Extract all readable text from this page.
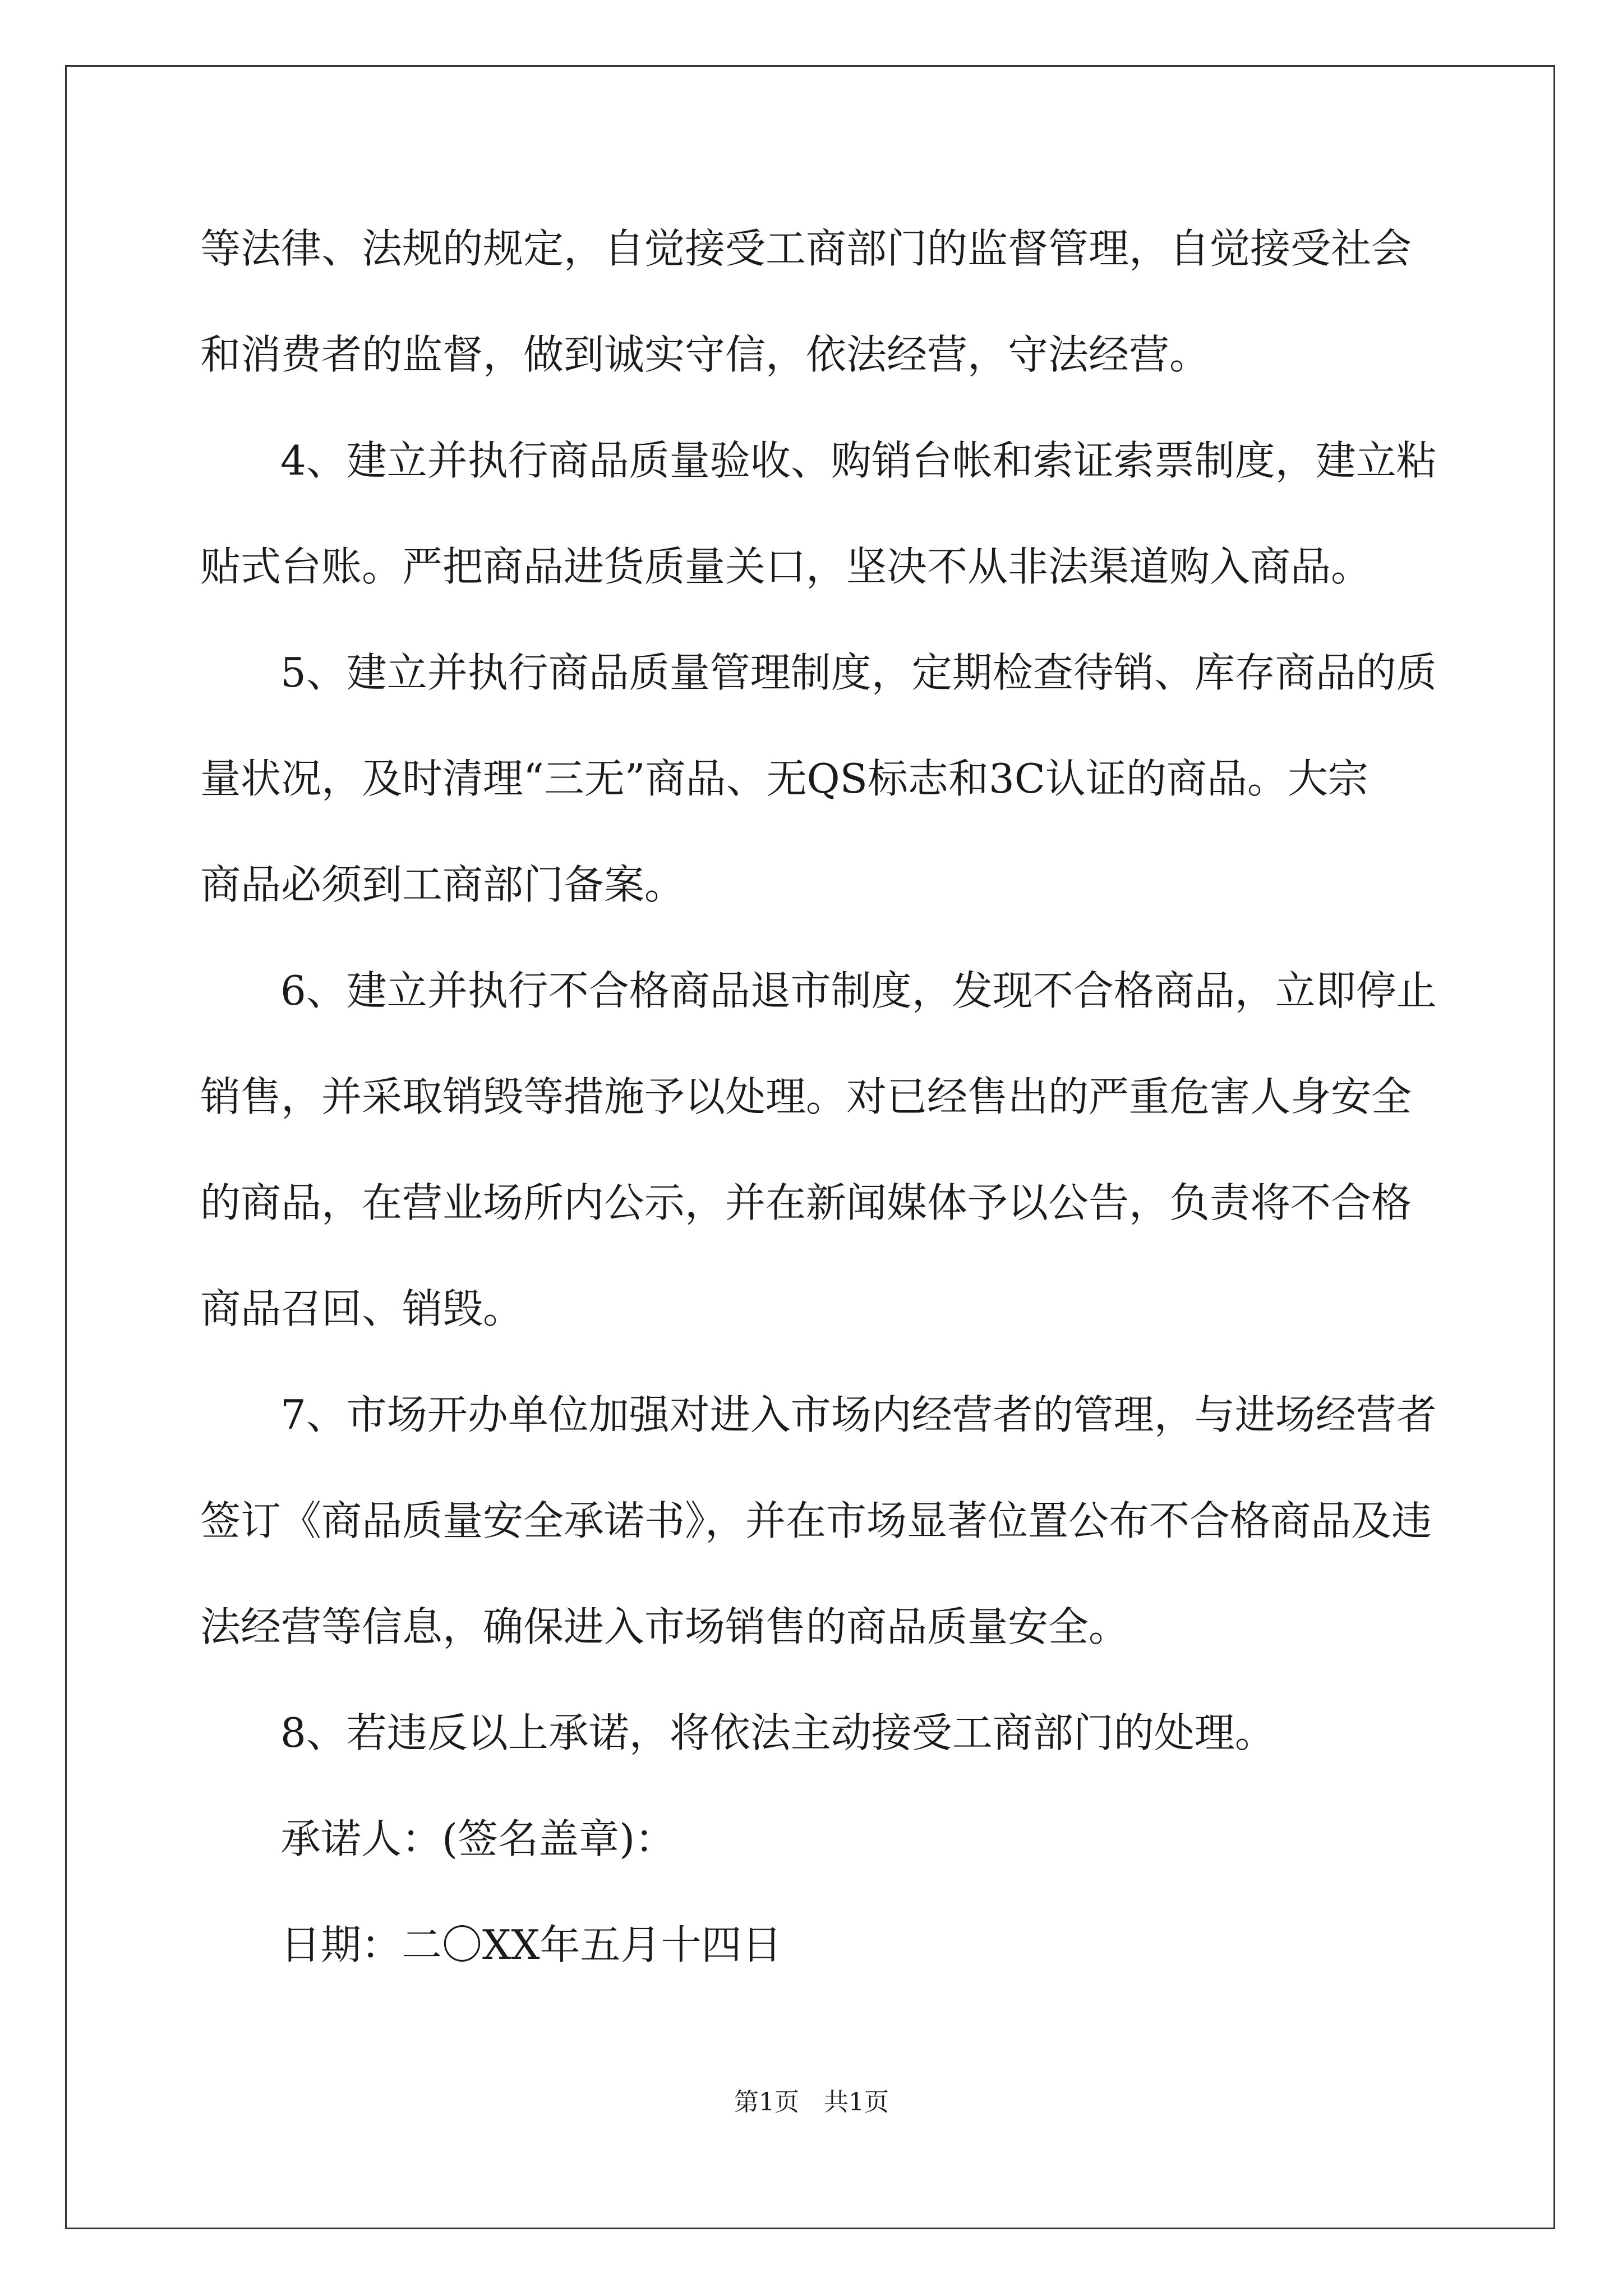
等法律、法规的规定，自觉接受工商部门的监督管理，自觉接受社会

和消费者的监督，做到诚实守信，依法经营，守法经营。

4、建立并执行商品质量验收、购销台帐和索证索票制度，建立粘

贴式台账。严把商品进货质量关口，坚决不从非法渠道购入商品。

5、建立并执行商品质量管理制度，定期检查待销、库存商品的质

量状况，及时清理“三无”商品、无QS标志和3C认证的商品。大宗

商品必须到工商部门备案。

6、建立并执行不合格商品退市制度，发现不合格商品，立即停止

销售，并采取销毁等措施予以处理。对已经售出的严重危害人身安全

的商品，在营业场所内公示，并在新闻媒体予以公告，负责将不合格

商品召回、销毁。

7、市场开办单位加强对进入市场内经营者的管理，与进场经营者

签订《商品质量安全承诺书》，并在市场显著位置公布不合格商品及违

法经营等信息，确保进入市场销售的商品质量安全。

8、若违反以上承诺，将依法主动接受工商部门的处理。

承诺人：(签名盖章)：

日期：二〇XX年五月十四日

第1页　共1页
